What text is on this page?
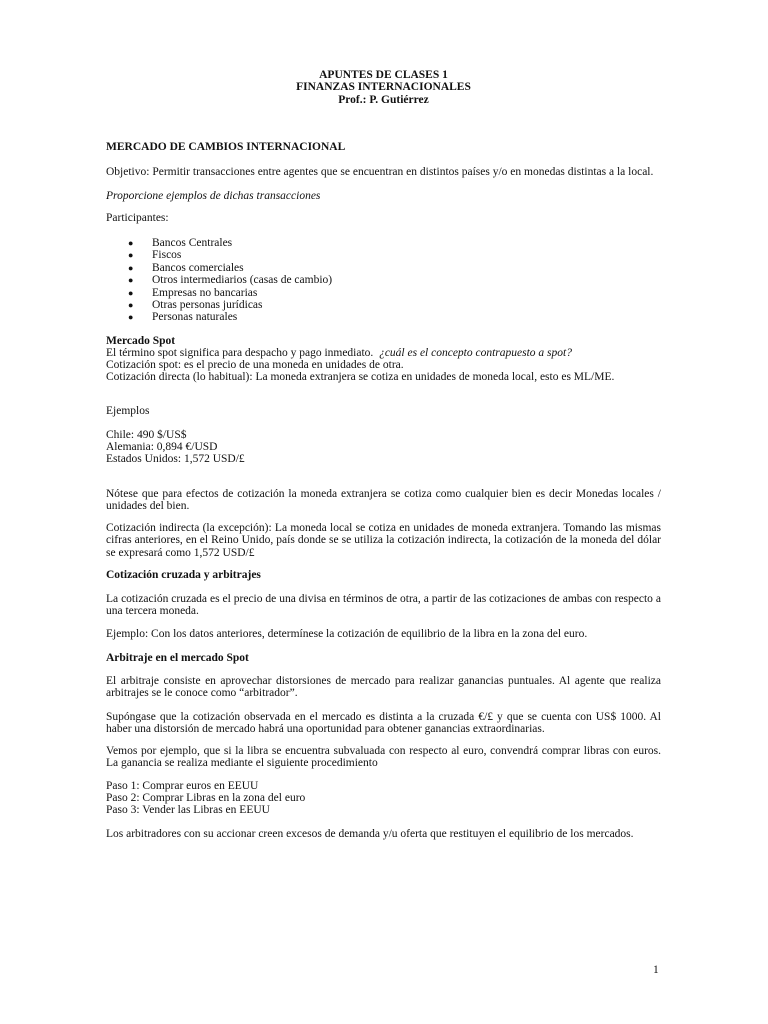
APUNTES DE CLASES 1
FINANZAS INTERNACIONALES
Prof.: P. Gutiérrez
MERCADO DE CAMBIOS INTERNACIONAL
Objetivo: Permitir transacciones entre agentes que se encuentran en distintos países y/o en monedas distintas a la local.
Proporcione ejemplos de dichas transacciones
Participantes:
● Bancos Centrales
● Fiscos
● Bancos comerciales
● Otros intermediarios (casas de cambio)
● Empresas no bancarias
● Otras personas jurídicas
● Personas naturales
Mercado Spot
El término spot significa para despacho y pago inmediato. ¿cuál es el concepto contrapuesto a spot?
Cotización spot: es el precio de una moneda en unidades de otra.
Cotización directa (lo habitual): La moneda extranjera se cotiza en unidades de moneda local, esto es ML/ME.
Ejemplos
Chile: 490 $/US$
Alemania: 0,894 €/USD
Estados Unidos: 1,572 USD/£
Nótese que para efectos de cotización la moneda extranjera se cotiza como cualquier bien es decir Monedas locales / unidades del bien.
Cotización indirecta (la excepción): La moneda local se cotiza en unidades de moneda extranjera. Tomando las mismas cifras anteriores, en el Reino Unido, país donde se se utiliza la cotización indirecta, la cotización de la moneda del dólar se expresará como 1,572 USD/£
Cotización cruzada y arbitrajes
La cotización cruzada es el precio de una divisa en términos de otra, a partir de las cotizaciones de ambas con respecto a una tercera moneda.
Ejemplo: Con los datos anteriores, determínese la cotización de equilibrio de la libra en la zona del euro.
Arbitraje en el mercado Spot
El arbitraje consiste en aprovechar distorsiones de mercado para realizar ganancias puntuales. Al agente que realiza arbitrajes se le conoce como “arbitrador”.
Supóngase que la cotización observada en el mercado es distinta a la cruzada €/£ y que se cuenta con US$ 1000. Al haber una distorsión de mercado habrá una oportunidad para obtener ganancias extraordinarias.
Vemos por ejemplo, que si la libra se encuentra subvaluada con respecto al euro, convendrá comprar libras con euros. La ganancia se realiza mediante el siguiente procedimiento
Paso 1: Comprar euros en EEUU
Paso 2: Comprar Libras en la zona del euro
Paso 3: Vender las Libras en EEUU
Los arbitradores con su accionar creen excesos de demanda y/u oferta que restituyen el equilibrio de los mercados.
1
